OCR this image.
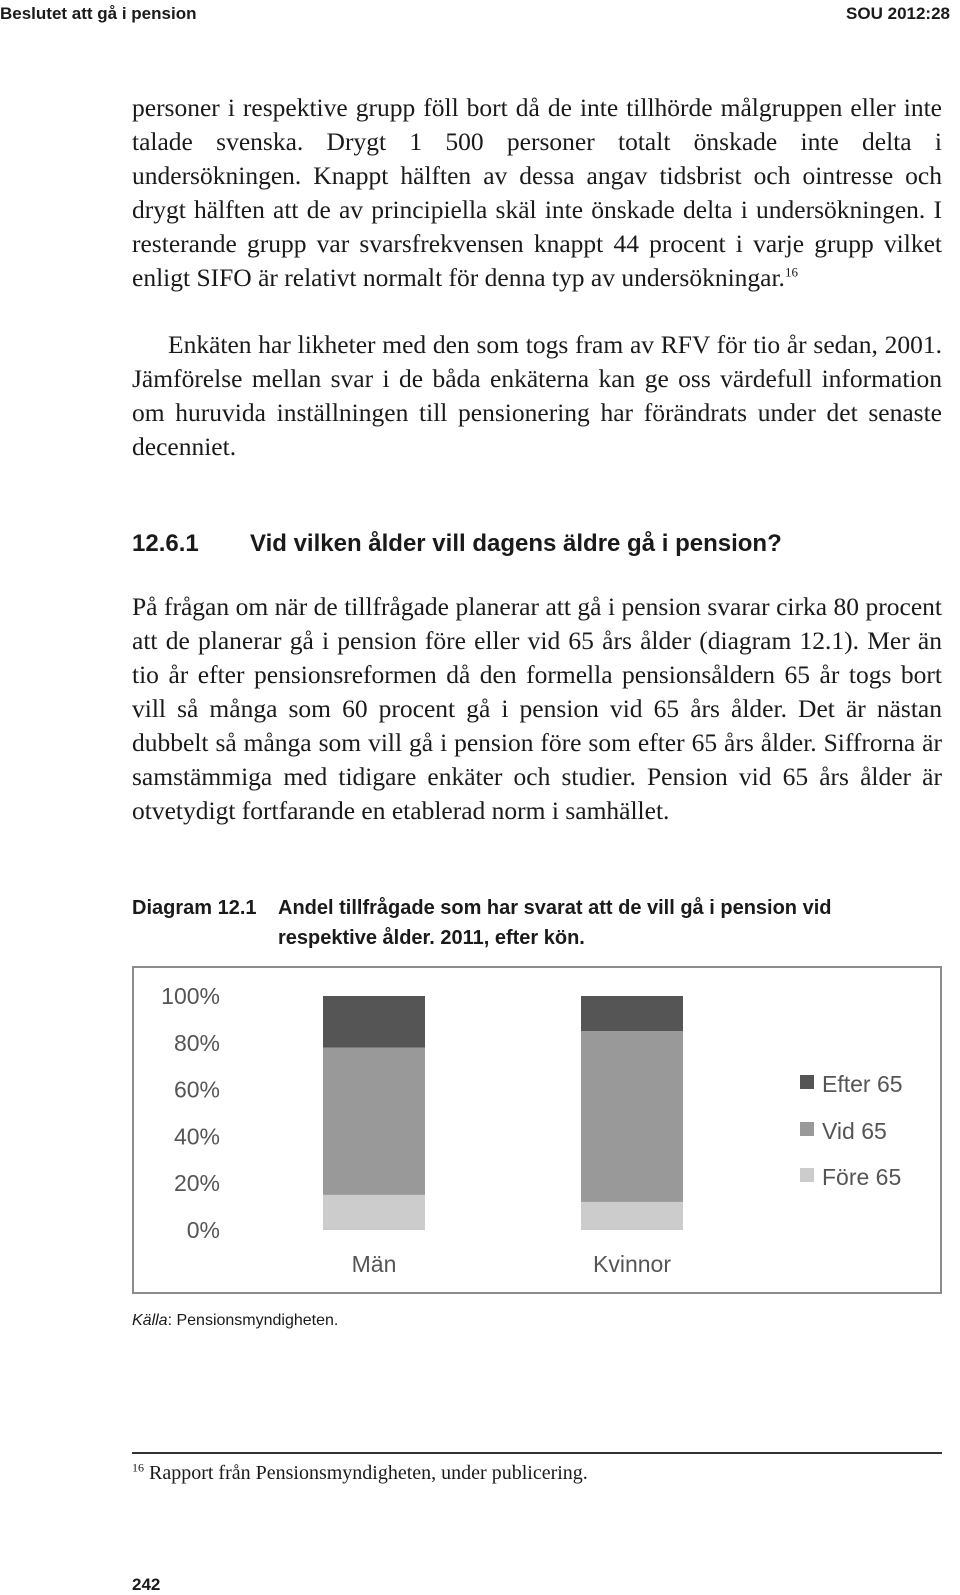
Beslutet att gå i pension	SOU 2012:28

personer i respektive grupp föll bort då de inte tillhörde målgruppen eller inte talade svenska. Drygt 1 500 personer totalt önskade inte delta i undersökningen. Knappt hälften av dessa angav tidsbrist och ointresse och drygt hälften att de av principiella skäl inte önskade delta i undersökningen. I resterande grupp var svarsfrekvensen knappt 44 procent i varje grupp vilket enligt SIFO är relativt normalt för denna typ av undersökningar.$^{16}$

Enkäten har likheter med den som togs fram av RFV för tio år sedan, 2001. Jämförelse mellan svar i de båda enkäterna kan ge oss värdefull information om huruvida inställningen till pensionering har förändrats under det senaste decenniet.

12.6.1 Vid vilken ålder vill dagens äldre gå i pension?

På frågan om när de tillfrågade planerar att gå i pension svarar cirka 80 procent att de planerar gå i pension före eller vid 65 års ålder (diagram 12.1). Mer än tio år efter pensionsreformen då den formella pensionsåldern 65 år togs bort vill så många som 60 procent gå i pension vid 65 års ålder. Det är nästan dubbelt så många som vill gå i pension före som efter 65 års ålder. Siffrorna är samstämmiga med tidigare enkäter och studier. Pension vid 65 års ålder är otvetydigt fortfarande en etablerad norm i samhället.

Diagram 12.1 Andel tillfrågade som har svarat att de vill gå i pension vid respektive ålder. 2011, efter kön.
0%
20%
40%
60%
80%
100%
Män	Kvinnor
Efter 65
Vid 65
Före 65
Källa: Pensionsmyndigheten.
$^{16}$ Rapport från Pensionsmyndigheten, under publicering.
242
